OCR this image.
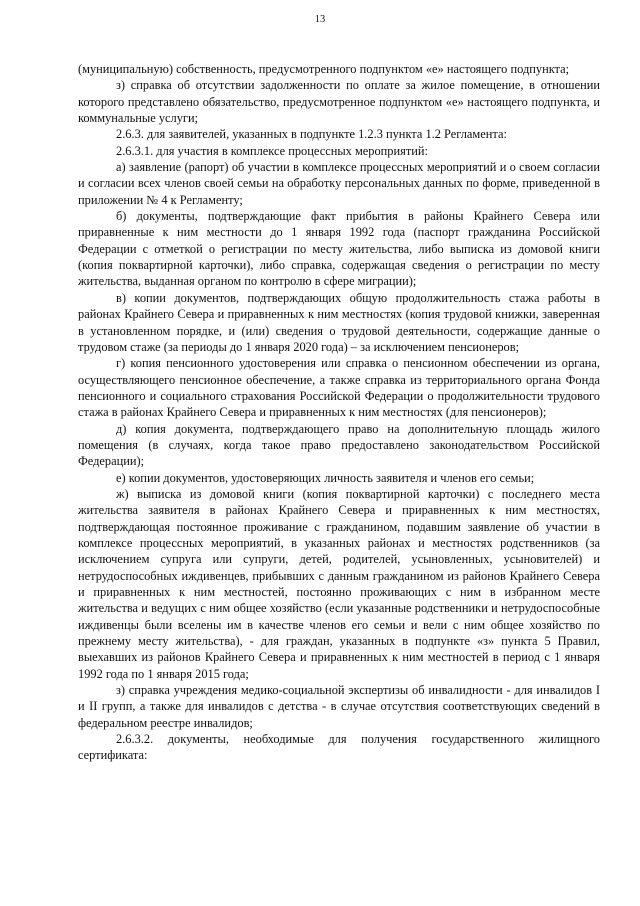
13

(муниципальную) собственность, предусмотренного подпунктом «е» настоящего подпункта;

з) справка об отсутствии задолженности по оплате за жилое помещение, в отношении которого представлено обязательство, предусмотренное подпунктом «е» настоящего подпункта, и коммунальные услуги;

2.6.3. для заявителей, указанных в подпункте 1.2.3 пункта 1.2 Регламента:

2.6.3.1. для участия в комплексе процессных мероприятий:

а) заявление (рапорт) об участии в комплексе процессных мероприятий и о своем согласии и согласии всех членов своей семьи на обработку персональных данных по форме, приведенной в приложении № 4 к Регламенту;

б) документы, подтверждающие факт прибытия в районы Крайнего Севера или приравненные к ним местности до 1 января 1992 года (паспорт гражданина Российской Федерации с отметкой о регистрации по месту жительства, либо выписка из домовой книги (копия поквартирной карточки), либо справка, содержащая сведения о регистрации по месту жительства, выданная органом по контролю в сфере миграции);

в) копии документов, подтверждающих общую продолжительность стажа работы в районах Крайнего Севера и приравненных к ним местностях (копия трудовой книжки, заверенная в установленном порядке, и (или) сведения о трудовой деятельности, содержащие данные о трудовом стаже (за периоды до 1 января 2020 года) – за исключением пенсионеров;

г) копия пенсионного удостоверения или справка о пенсионном обеспечении из органа, осуществляющего пенсионное обеспечение, а также справка из территориального органа Фонда пенсионного и социального страхования Российской Федерации о продолжительности трудового стажа в районах Крайнего Севера и приравненных к ним местностях (для пенсионеров);

д) копия документа, подтверждающего право на дополнительную площадь жилого помещения (в случаях, когда такое право предоставлено законодательством Российской Федерации);

е) копии документов, удостоверяющих личность заявителя и членов его семьи;

ж) выписка из домовой книги (копия поквартирной карточки) с последнего места жительства заявителя в районах Крайнего Севера и приравненных к ним местностях, подтверждающая постоянное проживание с гражданином, подавшим заявление об участии в комплексе процессных мероприятий, в указанных районах и местностях родственников (за исключением супруга или супруги, детей, родителей, усыновленных, усыновителей) и нетрудоспособных иждивенцев, прибывших с данным гражданином из районов Крайнего Севера и приравненных к ним местностей, постоянно проживающих с ним в избранном месте жительства и ведущих с ним общее хозяйство (если указанные родственники и нетрудоспособные иждивенцы были вселены им в качестве членов его семьи и вели с ним общее хозяйство по прежнему месту жительства), - для граждан, указанных в подпункте «з» пункта 5 Правил, выехавших из районов Крайнего Севера и приравненных к ним местностей в период с 1 января 1992 года по 1 января 2015 года;

з) справка учреждения медико-социальной экспертизы об инвалидности - для инвалидов I и II групп, а также для инвалидов с детства - в случае отсутствия соответствующих сведений в федеральном реестре инвалидов;

2.6.3.2. документы, необходимые для получения государственного жилищного сертификата:
